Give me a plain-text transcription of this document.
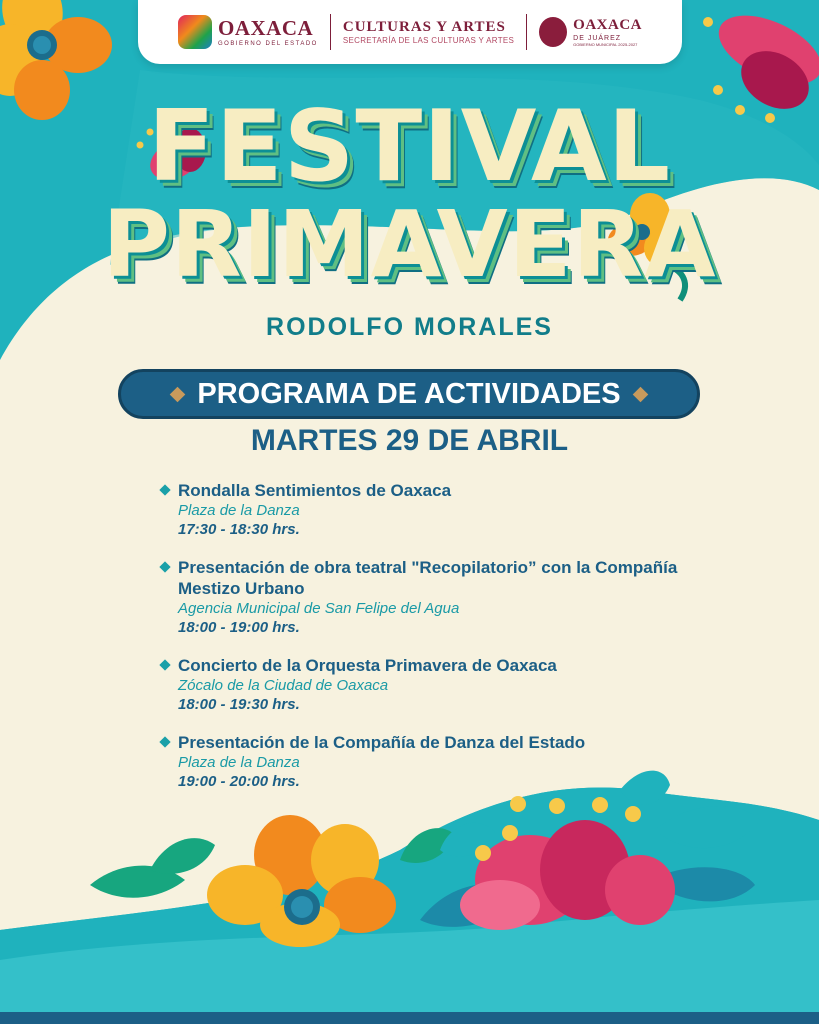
OAXACA
GOBIERNO DEL ESTADO
CULTURAS Y ARTES
SECRETARÍA DE LAS CULTURAS Y ARTES
OAXACA
DE JUÁREZ
GOBIERNO MUNICIPAL 2025-2027
FESTIVAL
PRIMAVERA
RODOLFO MORALES
PROGRAMA DE ACTIVIDADES
MARTES 29 DE ABRIL
Rondalla Sentimientos de Oaxaca
Plaza de la Danza
17:30 - 18:30 hrs.
Presentación de obra teatral "Recopilatorio” con la Compañía Mestizo Urbano
Agencia Municipal de San Felipe del Agua
18:00 - 19:00 hrs.
Concierto de la Orquesta Primavera de Oaxaca
Zócalo de la Ciudad de Oaxaca
18:00 - 19:30 hrs.
Presentación de la Compañía de Danza del Estado
Plaza de la Danza
19:00 - 20:00 hrs.
